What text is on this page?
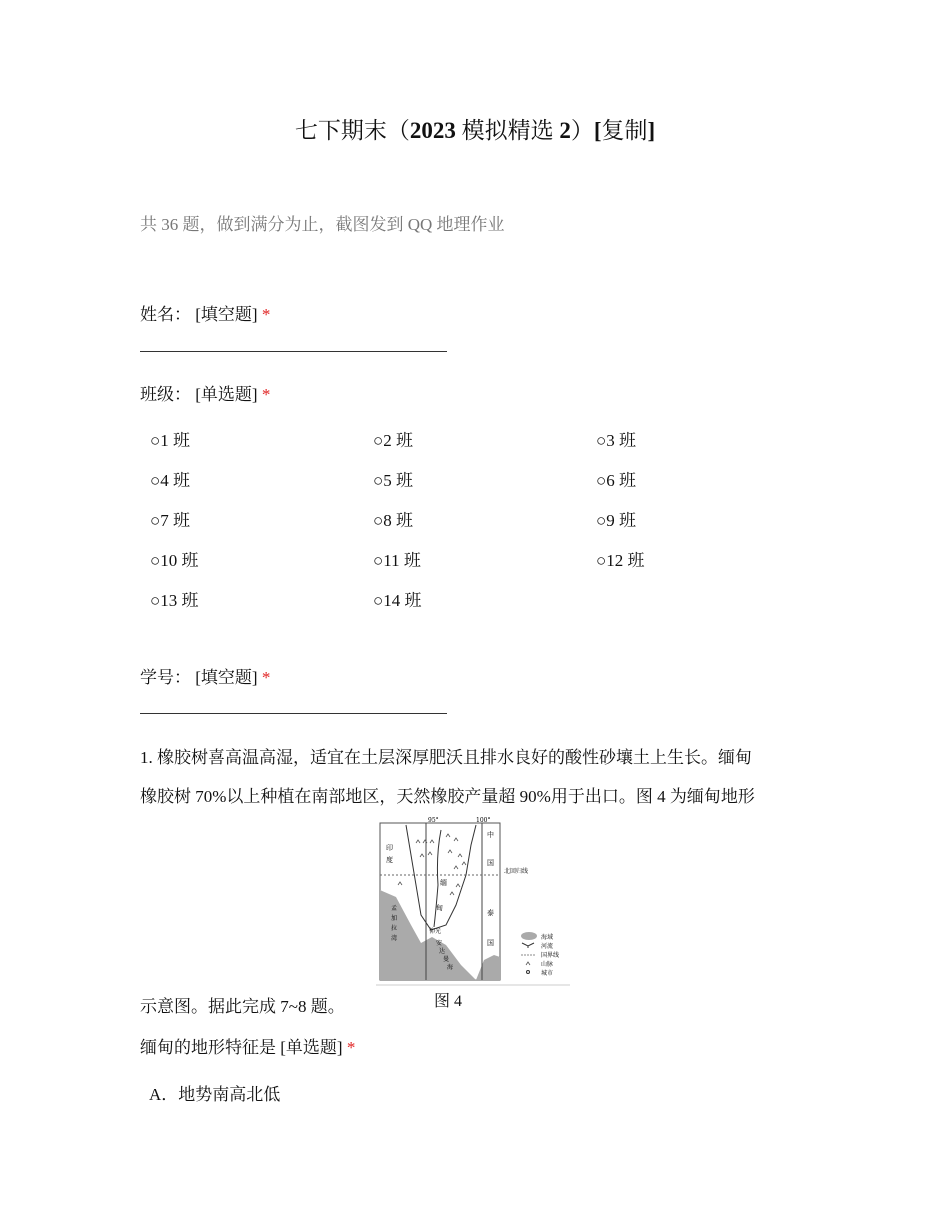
七下期末（2023 模拟精选 2）[复制]
共 36 题，做到满分为止，截图发到 QQ 地理作业
姓名： [填空题] *
班级： [单选题] *
○1 班	○2 班	○3 班
○4 班	○5 班	○6 班
○7 班	○8 班	○9 班
○10 班	○11 班	○12 班
○13 班	○14 班
学号： [填空题] *
1. 橡胶树喜高温高湿，适宜在土层深厚肥沃且排水良好的酸性砂壤土上生长。缅甸
橡胶树 70%以上种植在南部地区，天然橡胶产量超 90%用于出口。图 4 为缅甸地形
95°	100°
印
度
中
国
缅
甸
泰
国
北回归线
孟
加
拉
湾
仰光
安
达
曼
海
海域
河流
国界线
山脉
城市
图 4
示意图。据此完成 7~8 题。
缅甸的地形特征是 [单选题] *
A．地势南高北低
